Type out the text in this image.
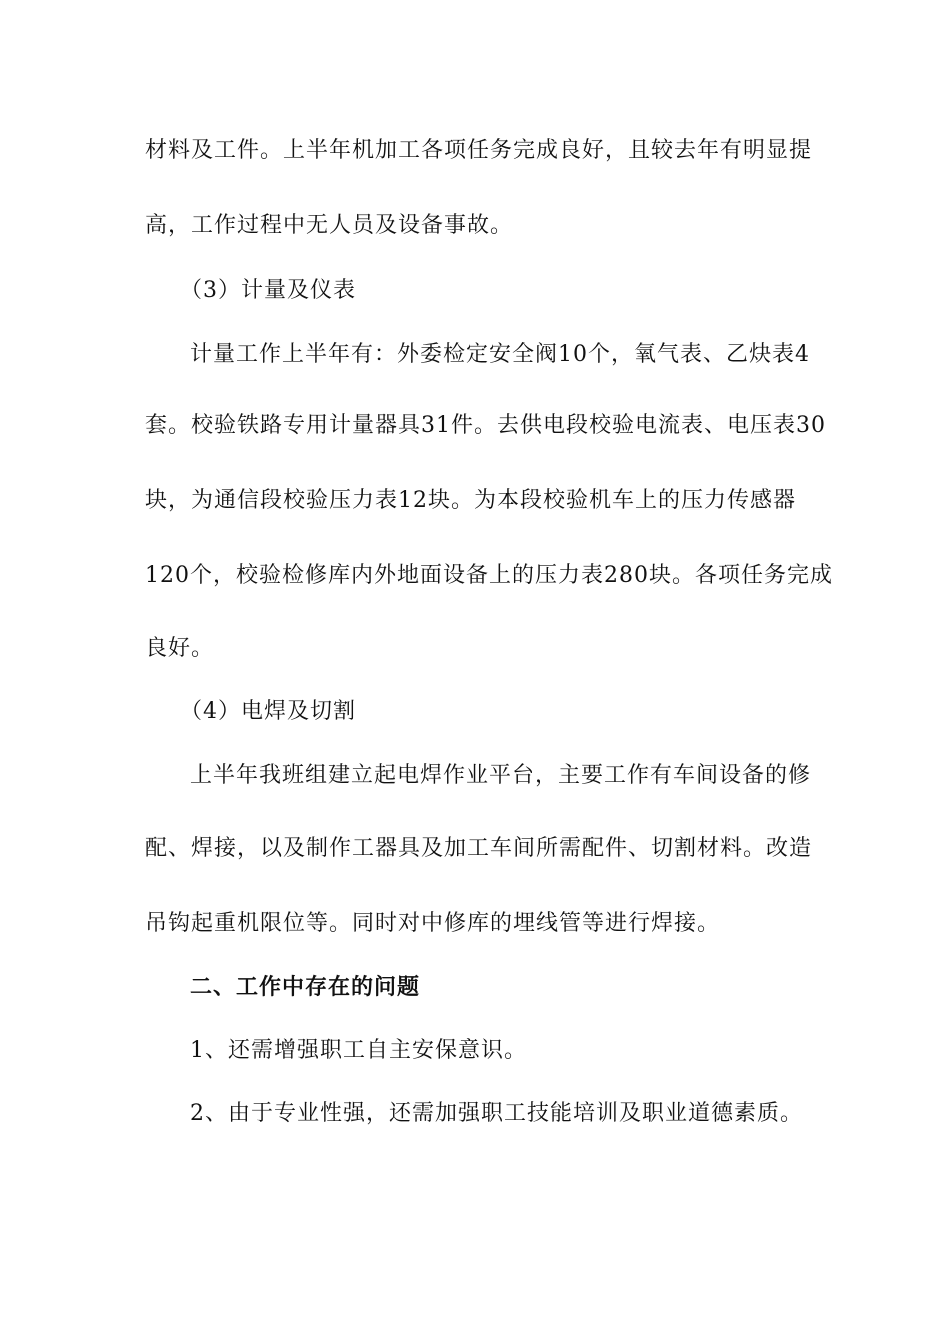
材料及工件。上半年机加工各项任务完成良好，且较去年有明显提
高，工作过程中无人员及设备事故。
（3）计量及仪表
计量工作上半年有：外委检定安全阀10个，氧气表、乙炔表4
套。校验铁路专用计量器具31件。去供电段校验电流表、电压表30
块，为通信段校验压力表12块。为本段校验机车上的压力传感器
120个，校验检修库内外地面设备上的压力表280块。各项任务完成
良好。
（4）电焊及切割
上半年我班组建立起电焊作业平台，主要工作有车间设备的修
配、焊接，以及制作工器具及加工车间所需配件、切割材料。改造
吊钩起重机限位等。同时对中修库的埋线管等进行焊接。
二、工作中存在的问题
1、还需增强职工自主安保意识。
2、由于专业性强，还需加强职工技能培训及职业道德素质。
